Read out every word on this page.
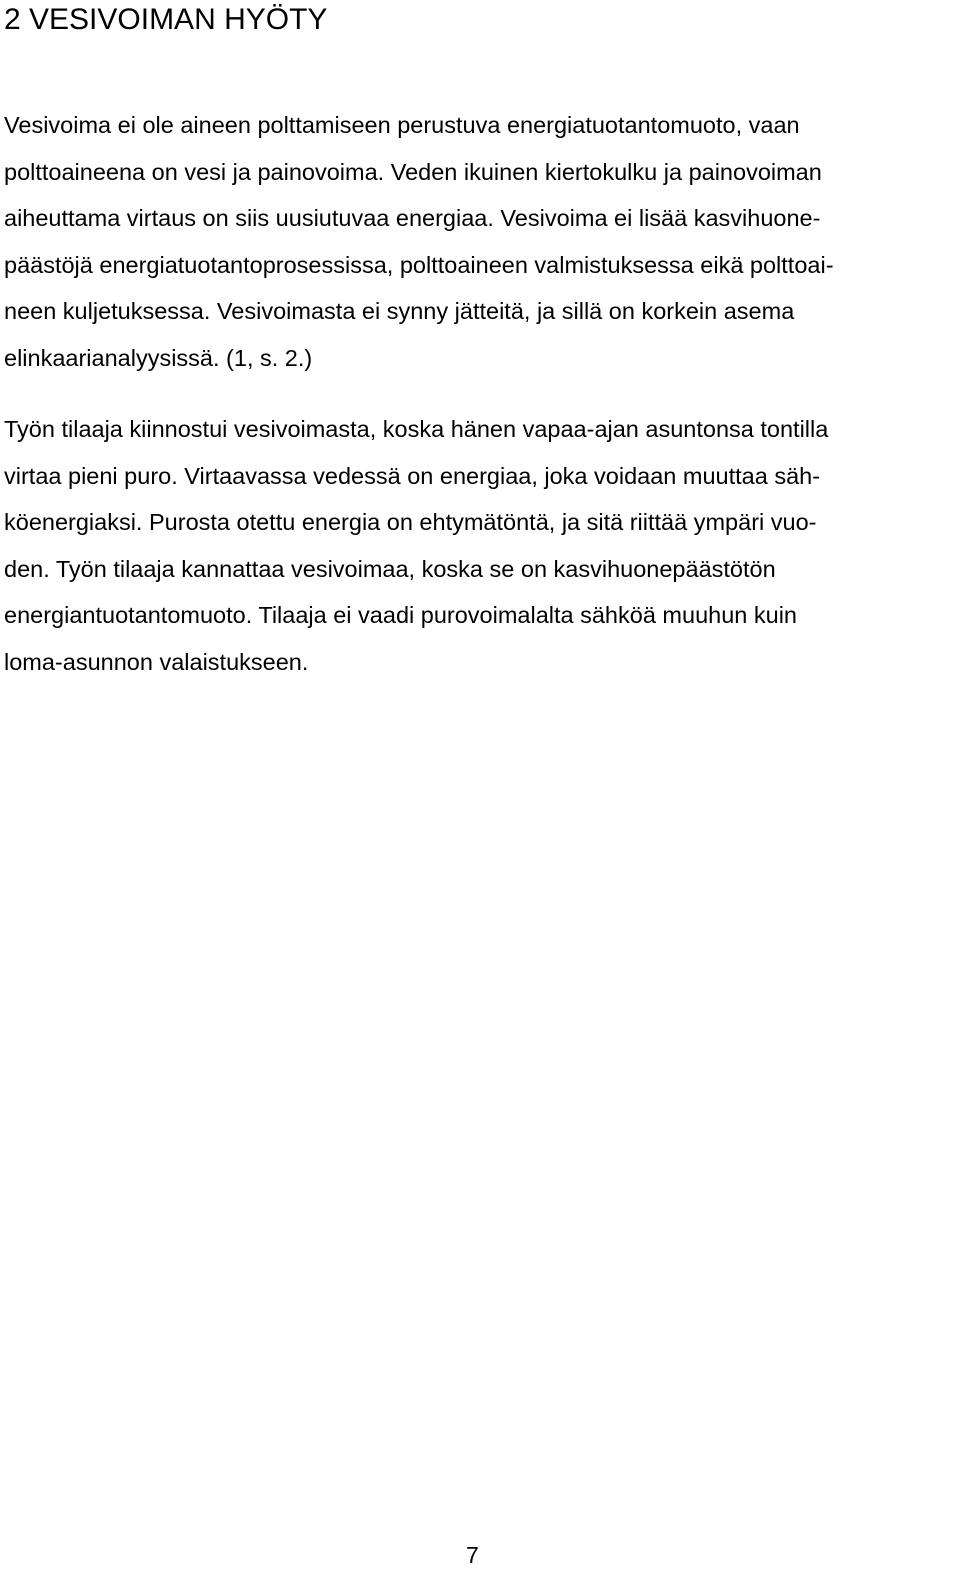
2 VESIVOIMAN HYÖTY

Vesivoima ei ole aineen polttamiseen perustuva energiatuotantomuoto, vaan
polttoaineena on vesi ja painovoima. Veden ikuinen kiertokulku ja painovoiman
aiheuttama virtaus on siis uusiutuvaa energiaa. Vesivoima ei lisää kasvihuone-
päästöjä energiatuotantoprosessissa, polttoaineen valmistuksessa eikä polttoai-
neen kuljetuksessa. Vesivoimasta ei synny jätteitä, ja sillä on korkein asema
elinkaarianalyysissä. (1, s. 2.)

Työn tilaaja kiinnostui vesivoimasta, koska hänen vapaa-ajan asuntonsa tontilla
virtaa pieni puro. Virtaavassa vedessä on energiaa, joka voidaan muuttaa säh-
köenergiaksi. Purosta otettu energia on ehtymätöntä, ja sitä riittää ympäri vuo-
den. Työn tilaaja kannattaa vesivoimaa, koska se on kasvihuonepäästötön
energiantuotantomuoto. Tilaaja ei vaadi purovoimalalta sähköä muuhun kuin
loma-asunnon valaistukseen.

7
